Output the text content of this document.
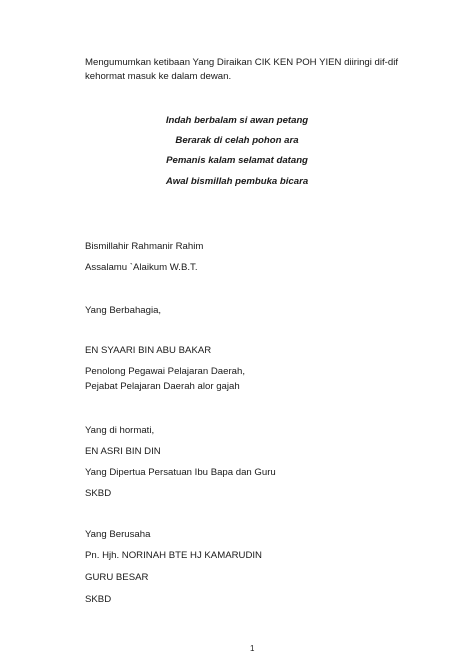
Mengumumkan ketibaan Yang Diraikan CIK KEN POH YIEN diiringi dif-dif
kehormat masuk ke dalam dewan.
Indah berbalam si awan petang
Berarak di celah pohon ara
Pemanis kalam selamat datang
Awal bismillah pembuka bicara
Bismillahir Rahmanir Rahim
Assalamu `Alaikum W.B.T.
Yang Berbahagia,
EN SYAARI BIN ABU BAKAR
Penolong Pegawai Pelajaran Daerah,
Pejabat Pelajaran Daerah alor gajah
Yang di hormati,
EN ASRI BIN DIN
Yang Dipertua Persatuan Ibu Bapa dan Guru
SKBD
Yang Berusaha
Pn. Hjh. NORINAH BTE HJ KAMARUDIN
GURU BESAR
SKBD
1
